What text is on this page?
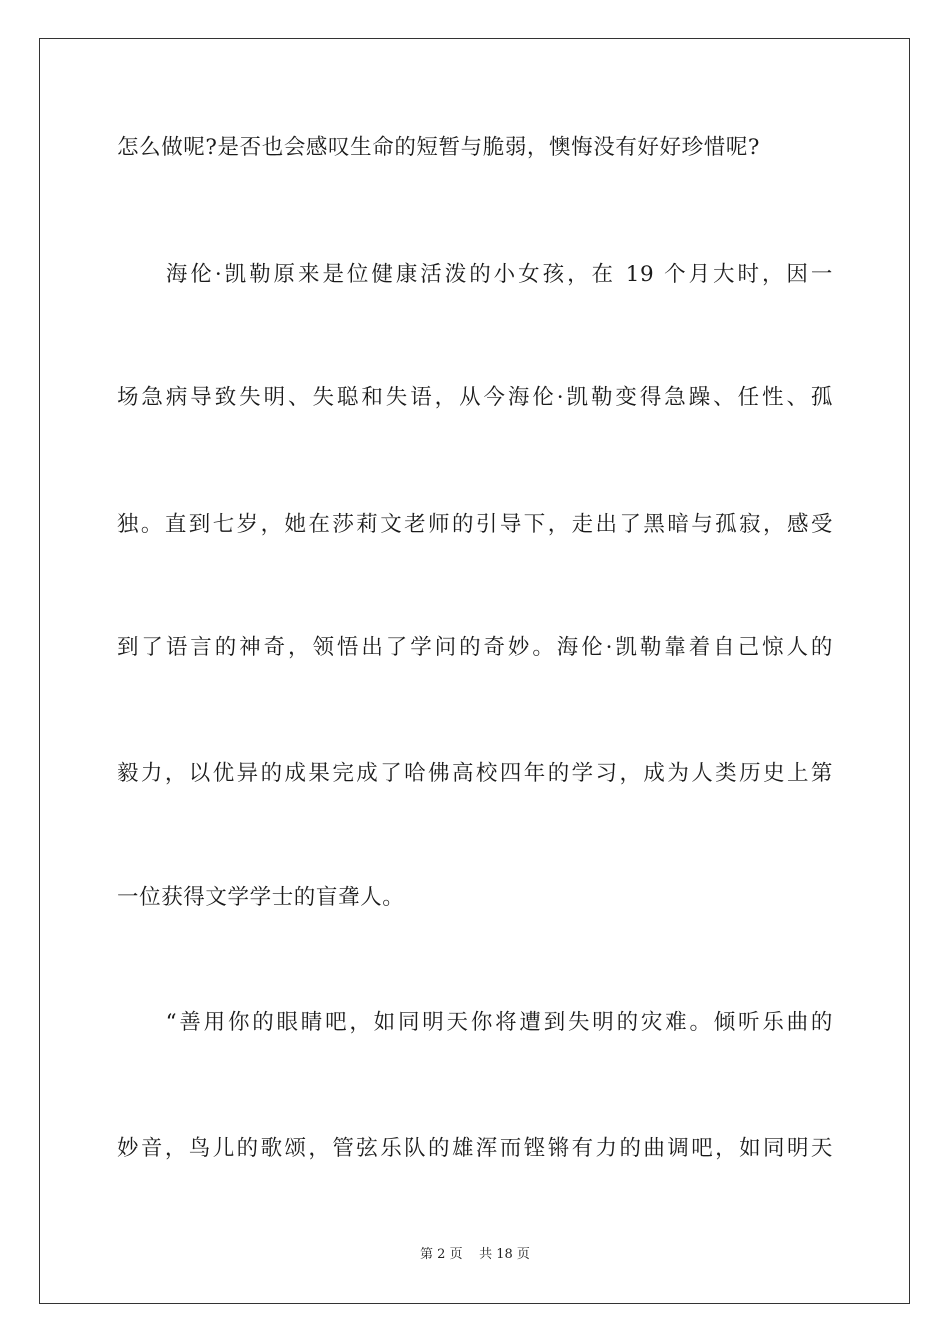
怎么做呢?是否也会感叹生命的短暂与脆弱，懊悔没有好好珍惜呢?
　　海伦·凯勒原来是位健康活泼的小女孩，在 19 个月大时，因一
场急病导致失明、失聪和失语，从今海伦·凯勒变得急躁、任性、孤
独。直到七岁，她在莎莉文老师的引导下，走出了黑暗与孤寂，感受
到了语言的神奇，领悟出了学问的奇妙。海伦·凯勒靠着自己惊人的
毅力，以优异的成果完成了哈佛高校四年的学习，成为人类历史上第
一位获得文学学士的盲聋人。
　　“善用你的眼睛吧，如同明天你将遭到失明的灾难。倾听乐曲的
妙音，鸟儿的歌颂，管弦乐队的雄浑而铿锵有力的曲调吧，如同明天
第 2 页 共 18 页
